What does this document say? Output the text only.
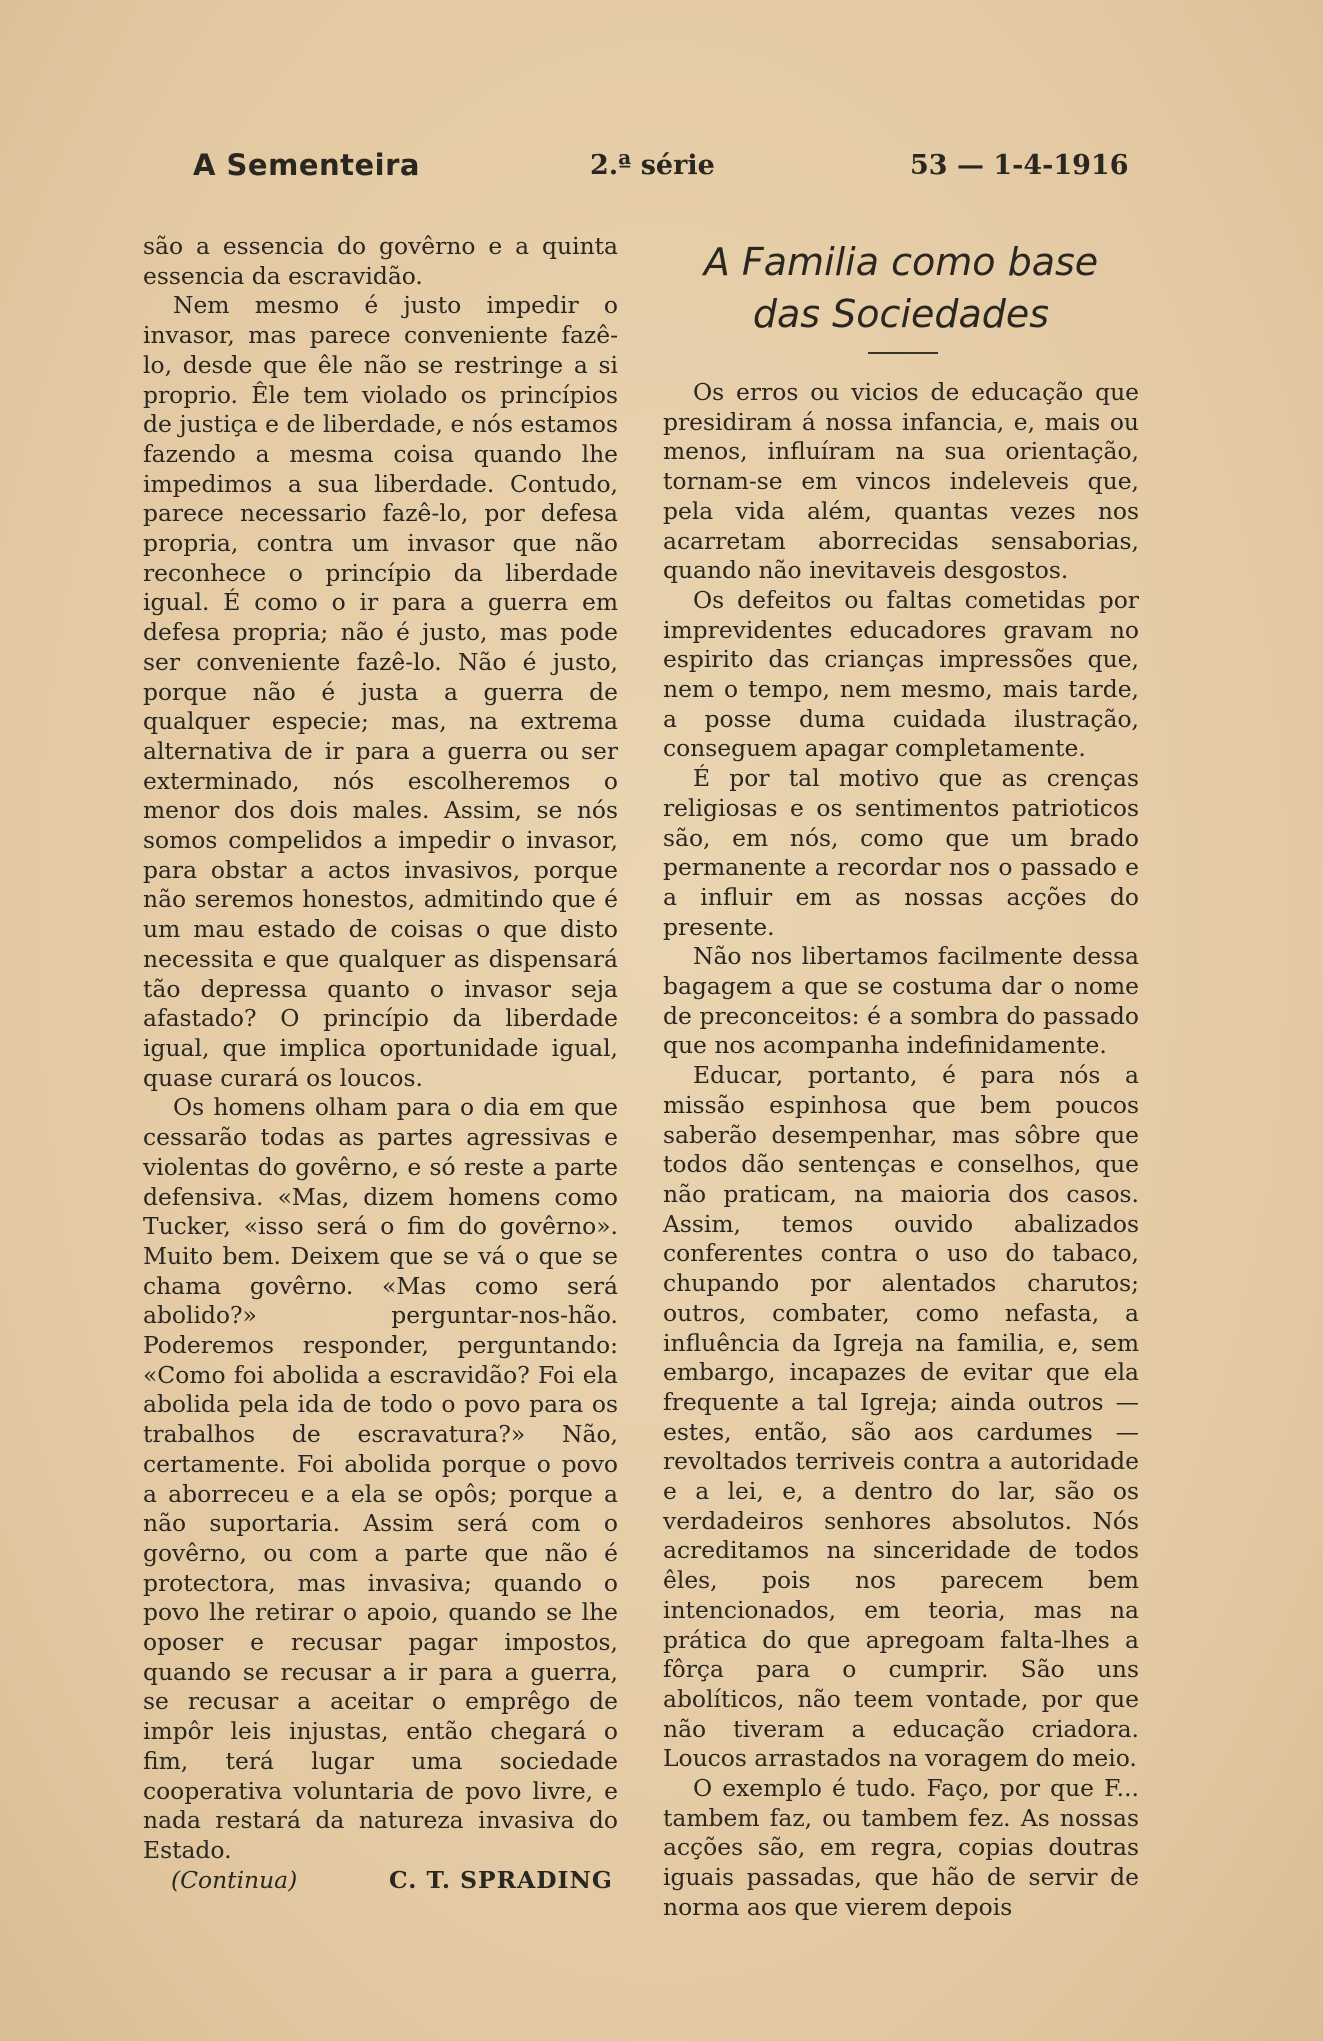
A Sementeira	2.ª série	53 — 1-4-1916

são a essencia do govêrno e a quinta essencia da escravidão.

Nem mesmo é justo impedir o invasor, mas parece conveniente fazê-lo, desde que êle não se restringe a si proprio. Êle tem violado os princípios de justiça e de liberdade, e nós estamos fazendo a mesma coisa quando lhe impedimos a sua liberdade. Contudo, parece necessario fazê-lo, por defesa propria, contra um invasor que não reconhece o princípio da liberdade igual. É como o ir para a guerra em defesa propria; não é justo, mas pode ser conveniente fazê-lo. Não é justo, porque não é justa a guerra de qualquer especie; mas, na extrema alternativa de ir para a guerra ou ser exterminado, nós escolheremos o menor dos dois males. Assim, se nós somos compelidos a impedir o invasor, para obstar a actos invasivos, porque não seremos honestos, admitindo que é um mau estado de coisas o que disto necessita e que qualquer as dispensará tão depressa quanto o invasor seja afastado? O princípio da liberdade igual, que implica oportunidade igual, quase curará os loucos.

Os homens olham para o dia em que cessarão todas as partes agressivas e violentas do govêrno, e só reste a parte defensiva. «Mas, dizem homens como Tucker, «isso será o fim do govêrno». Muito bem. Deixem que se vá o que se chama govêrno. «Mas como será abolido?» perguntar-nos-hão. Poderemos responder, perguntando: «Como foi abolida a escravidão? Foi ela abolida pela ida de todo o povo para os trabalhos de escravatura?» Não, certamente. Foi abolida porque o povo a aborreceu e a ela se opôs; porque a não suportaria. Assim será com o govêrno, ou com a parte que não é protectora, mas invasiva; quando o povo lhe retirar o apoio, quando se lhe oposer e recusar pagar impostos, quando se recusar a ir para a guerra, se recusar a aceitar o emprêgo de impôr leis injustas, então chegará o fim, terá lugar uma sociedade cooperativa voluntaria de povo livre, e nada restará da natureza invasiva do Estado.

(Continua)	C. T. SPRADING
A Familia como base
das Sociedades

Os erros ou vicios de educação que presidiram á nossa infancia, e, mais ou menos, influíram na sua orientação, tornam-se em vincos indeleveis que, pela vida além, quantas vezes nos acarretam aborrecidas sensaborias, quando não inevitaveis desgostos.

Os defeitos ou faltas cometidas por imprevidentes educadores gravam no espirito das crianças impressões que, nem o tempo, nem mesmo, mais tarde, a posse duma cuidada ilustração, conseguem apagar completamente.

É por tal motivo que as crenças religiosas e os sentimentos patrioticos são, em nós, como que um brado permanente a recordar nos o passado e a influir em as nossas acções do presente.

Não nos libertamos facilmente dessa bagagem a que se costuma dar o nome de preconceitos: é a sombra do passado que nos acompanha indefinidamente.

Educar, portanto, é para nós a missão espinhosa que bem poucos saberão desempenhar, mas sôbre que todos dão sentenças e conselhos, que não praticam, na maioria dos casos. Assim, temos ouvido abalizados conferentes contra o uso do tabaco, chupando por alentados charutos; outros, combater, como nefasta, a influência da Igreja na familia, e, sem embargo, incapazes de evitar que ela frequente a tal Igreja; ainda outros — estes, então, são aos cardumes — revoltados terriveis contra a autoridade e a lei, e, a dentro do lar, são os verdadeiros senhores absolutos. Nós acreditamos na sinceridade de todos êles, pois nos parecem bem intencionados, em teoria, mas na prática do que apregoam falta-lhes a fôrça para o cumprir. São uns abolíticos, não teem vontade, por que não tiveram a educação criadora. Loucos arrastados na voragem do meio.

O exemplo é tudo. Faço, por que F... tambem faz, ou tambem fez. As nossas acções são, em regra, copias doutras iguais passadas, que hão de servir de norma aos que vierem depois
